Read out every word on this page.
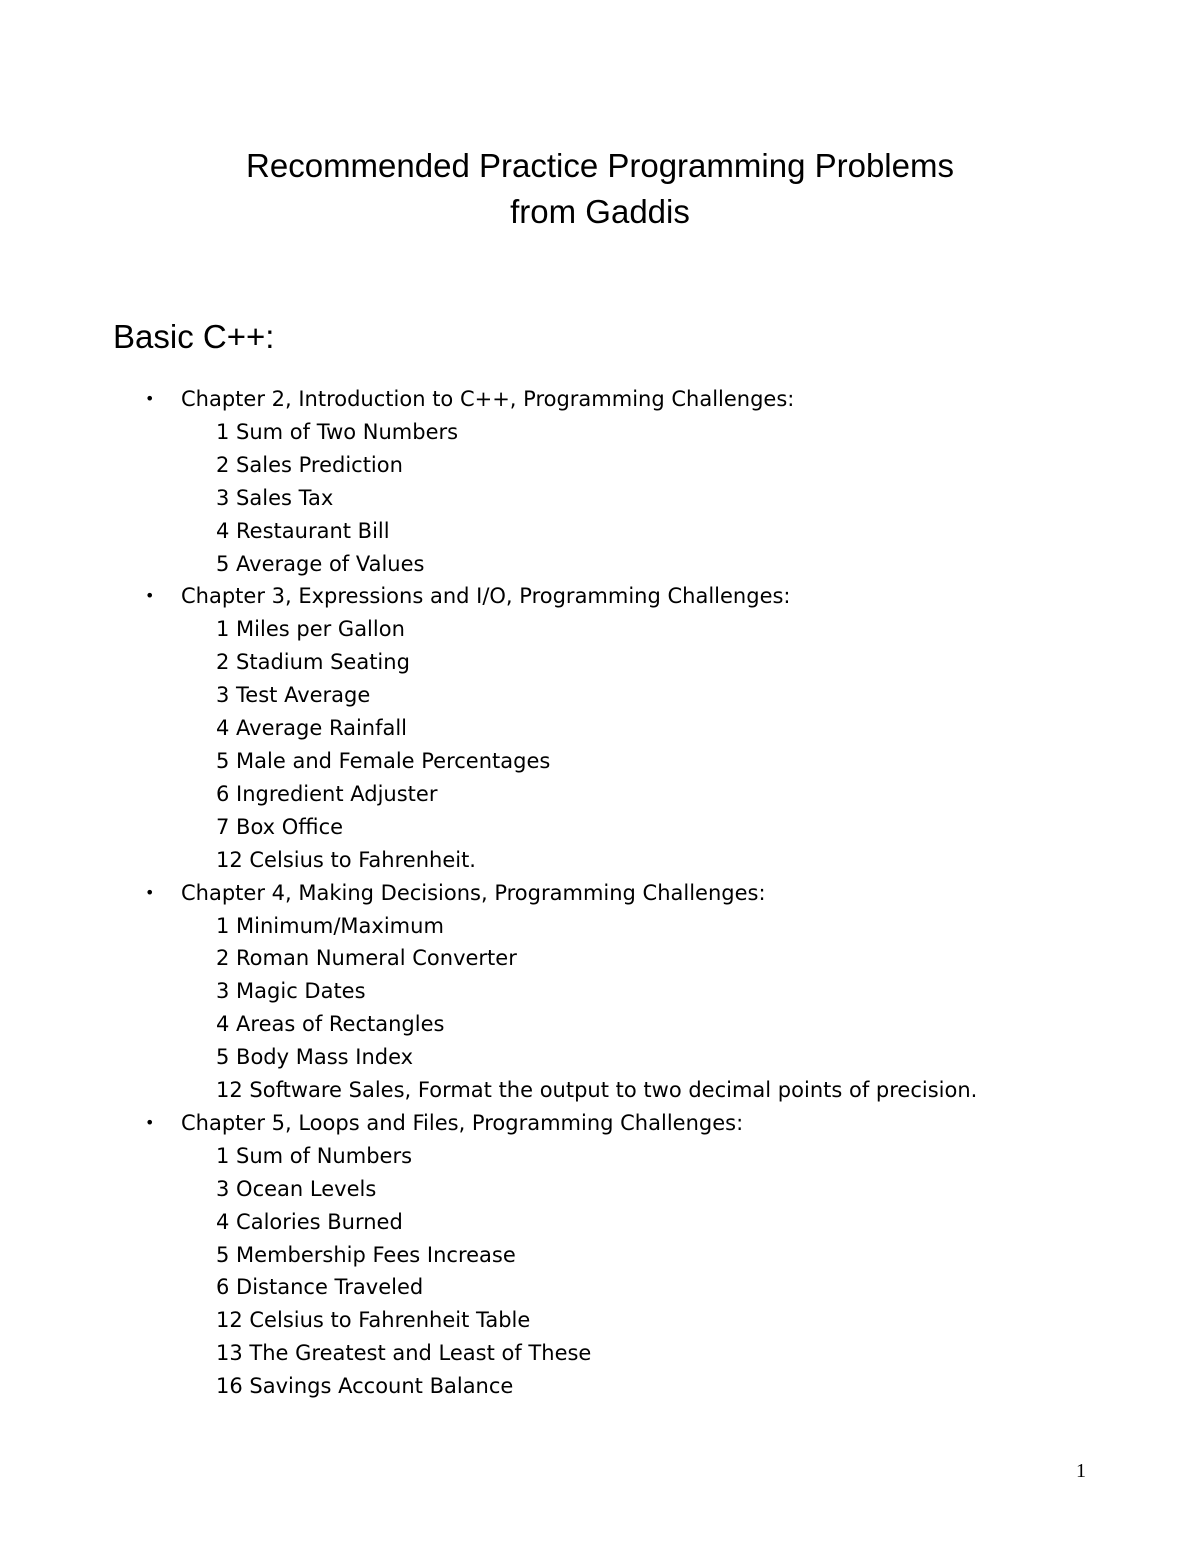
Recommended Practice Programming Problems
from Gaddis
Basic C++:
• Chapter 2, Introduction to C++, Programming Challenges:
1 Sum of Two Numbers
2 Sales Prediction
3 Sales Tax
4 Restaurant Bill
5 Average of Values
• Chapter 3, Expressions and I/O, Programming Challenges:
1 Miles per Gallon
2 Stadium Seating
3 Test Average
4 Average Rainfall
5 Male and Female Percentages
6 Ingredient Adjuster
7 Box Office
12 Celsius to Fahrenheit.
• Chapter 4, Making Decisions, Programming Challenges:
1 Minimum/Maximum
2 Roman Numeral Converter
3 Magic Dates
4 Areas of Rectangles
5 Body Mass Index
12 Software Sales, Format the output to two decimal points of precision.
• Chapter 5, Loops and Files, Programming Challenges:
1 Sum of Numbers
3 Ocean Levels
4 Calories Burned
5 Membership Fees Increase
6 Distance Traveled
12 Celsius to Fahrenheit Table
13 The Greatest and Least of These
16 Savings Account Balance
1
